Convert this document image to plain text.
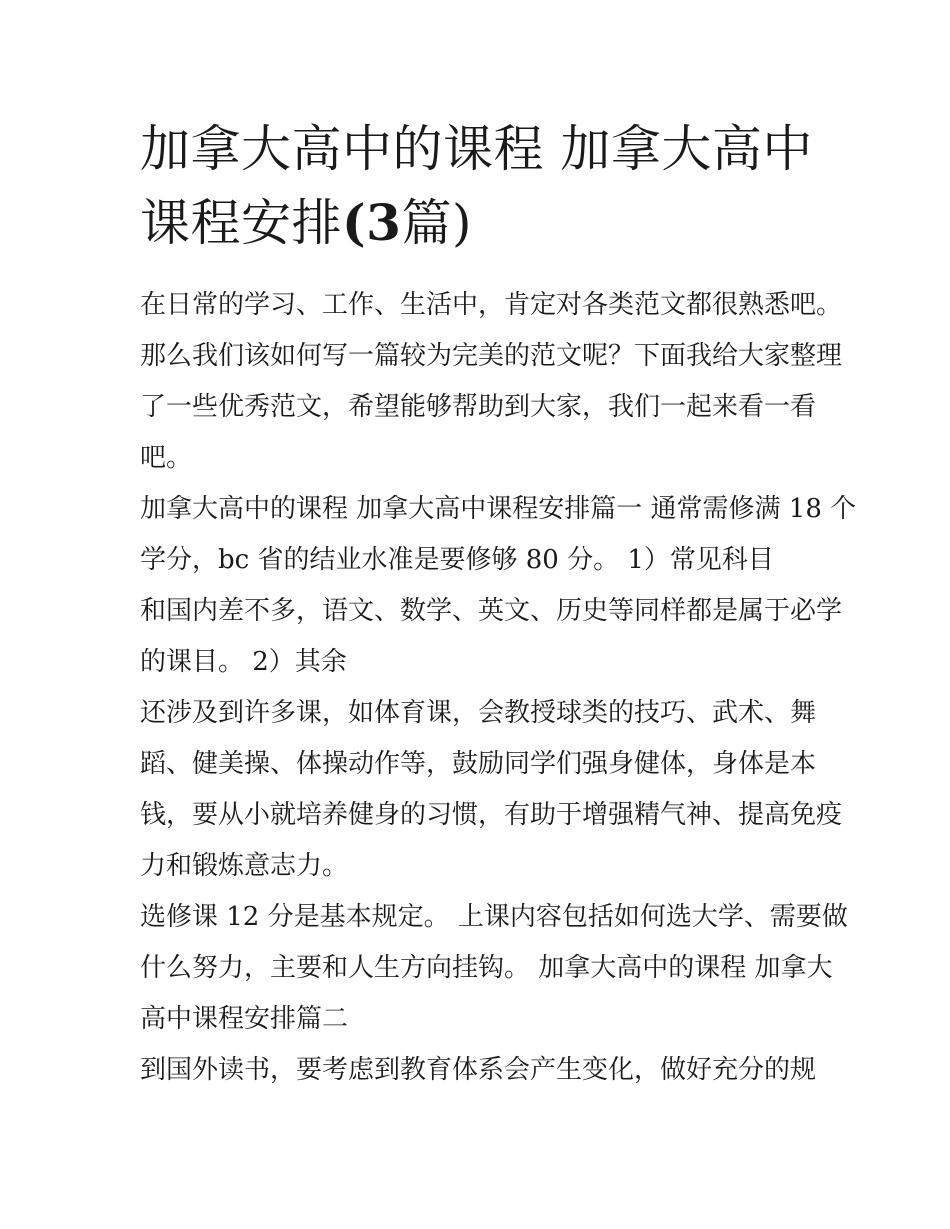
加拿大高中的课程 加拿大高中
课程安排(3篇)

在日常的学习、工作、生活中，肯定对各类范文都很熟悉吧。
那么我们该如何写一篇较为完美的范文呢？下面我给大家整理
了一些优秀范文，希望能够帮助到大家，我们一起来看一看
吧。

加拿大高中的课程 加拿大高中课程安排篇一 通常需修满 18 个
学分，bc 省的结业水准是要修够 80 分。 1）常见科目
和国内差不多，语文、数学、英文、历史等同样都是属于必学
的课目。 2）其余
还涉及到许多课，如体育课，会教授球类的技巧、武术、舞
蹈、健美操、体操动作等，鼓励同学们强身健体，身体是本
钱，要从小就培养健身的习惯，有助于增强精气神、提高免疫
力和锻炼意志力。
选修课 12 分是基本规定。 上课内容包括如何选大学、需要做
什么努力，主要和人生方向挂钩。 加拿大高中的课程 加拿大
高中课程安排篇二
到国外读书，要考虑到教育体系会产生变化，做好充分的规
